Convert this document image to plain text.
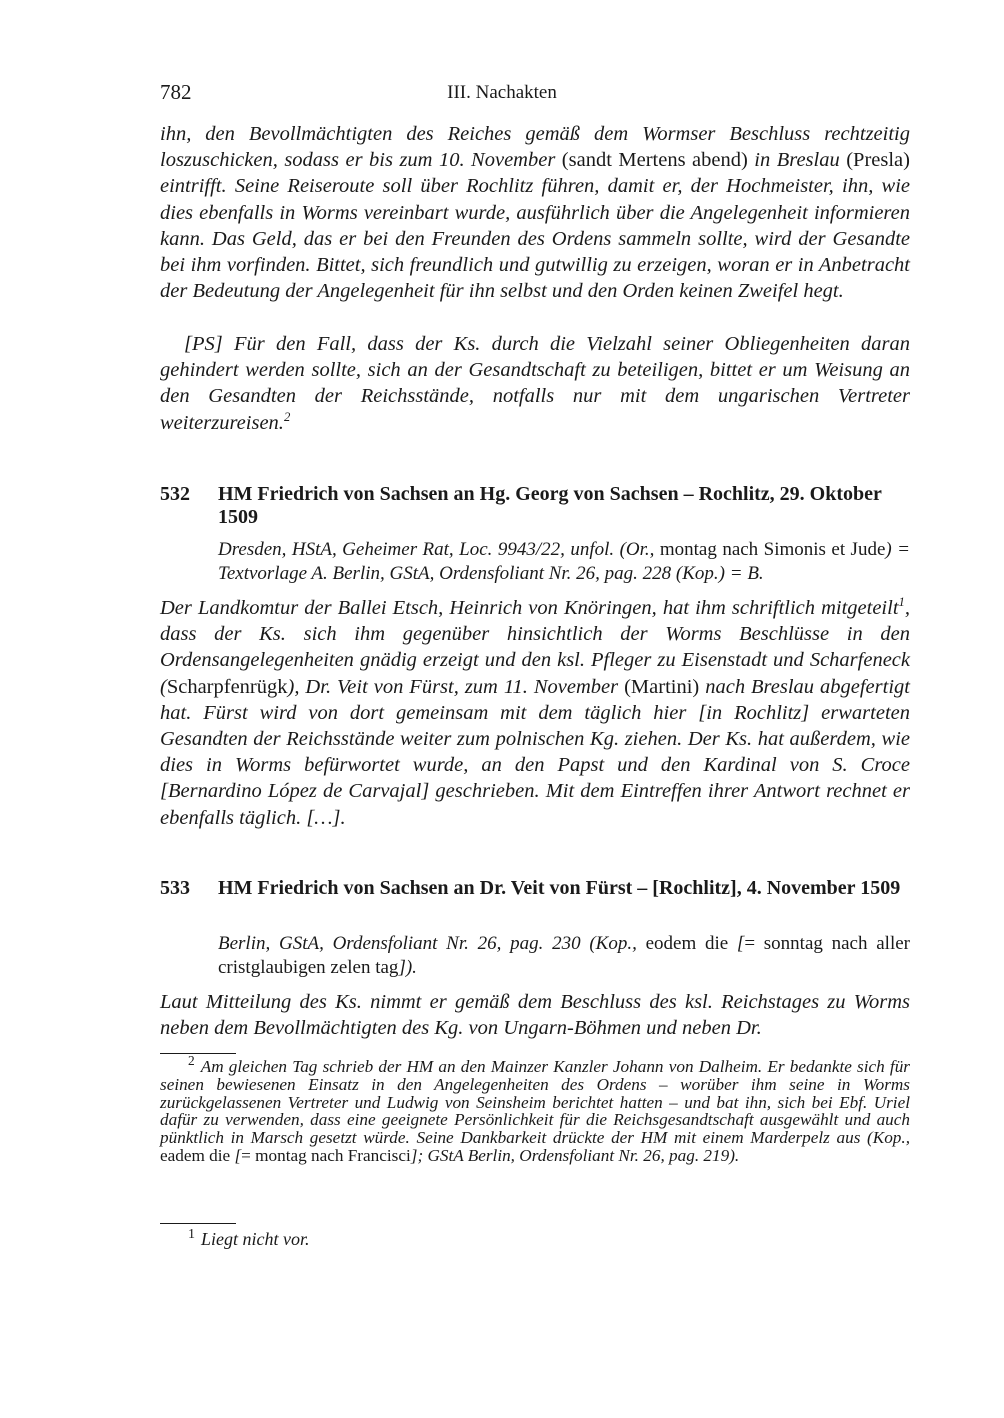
782	III. Nachakten
ihn, den Bevollmächtigten des Reiches gemäß dem Wormser Beschluss rechtzeitig loszuschicken, sodass er bis zum 10. November (sandt Mertens abend) in Breslau (Presla) eintrifft. Seine Reiseroute soll über Rochlitz führen, damit er, der Hochmeister, ihn, wie dies ebenfalls in Worms vereinbart wurde, ausführlich über die Angelegenheit informieren kann. Das Geld, das er bei den Freunden des Ordens sammeln sollte, wird der Gesandte bei ihm vorfinden. Bittet, sich freundlich und gutwillig zu erzeigen, woran er in Anbetracht der Bedeutung der Angelegenheit für ihn selbst und den Orden keinen Zweifel hegt.
[PS] Für den Fall, dass der Ks. durch die Vielzahl seiner Obliegenheiten daran gehindert werden sollte, sich an der Gesandtschaft zu beteiligen, bittet er um Weisung an den Gesandten der Reichsstände, notfalls nur mit dem ungarischen Vertreter weiterzureisen.$^2$
532 HM Friedrich von Sachsen an Hg. Georg von Sachsen – Rochlitz, 29. Oktober 1509
Dresden, HStA, Geheimer Rat, Loc. 9943/22, unfol. (Or., montag nach Simonis et Jude) = Textvorlage A. Berlin, GStA, Ordensfoliant Nr. 26, pag. 228 (Kop.) = B.
Der Landkomtur der Ballei Etsch, Heinrich von Knöringen, hat ihm schriftlich mitgeteilt$^1$, dass der Ks. sich ihm gegenüber hinsichtlich der Worms Beschlüsse in den Ordensangelegenheiten gnädig erzeigt und den ksl. Pfleger zu Eisenstadt und Scharfeneck (Scharpfenrügk), Dr. Veit von Fürst, zum 11. November (Martini) nach Breslau abgefertigt hat. Fürst wird von dort gemeinsam mit dem täglich hier [in Rochlitz] erwarteten Gesandten der Reichsstände weiter zum polnischen Kg. ziehen. Der Ks. hat außerdem, wie dies in Worms befürwortet wurde, an den Papst und den Kardinal von S. Croce [Bernardino López de Carvajal] geschrieben. Mit dem Eintreffen ihrer Antwort rechnet er ebenfalls täglich. […].
533 HM Friedrich von Sachsen an Dr. Veit von Fürst – [Rochlitz], 4. November 1509
Berlin, GStA, Ordensfoliant Nr. 26, pag. 230 (Kop., eodem die [= sonntag nach aller cristglaubigen zelen tag]).
Laut Mitteilung des Ks. nimmt er gemäß dem Beschluss des ksl. Reichstages zu Worms neben dem Bevollmächtigten des Kg. von Ungarn-Böhmen und neben Dr.
$^2$ Am gleichen Tag schrieb der HM an den Mainzer Kanzler Johann von Dalheim. Er bedankte sich für seinen bewiesenen Einsatz in den Angelegenheiten des Ordens – worüber ihm seine in Worms zurückgelassenen Vertreter und Ludwig von Seinsheim berichtet hatten – und bat ihn, sich bei Ebf. Uriel dafür zu verwenden, dass eine geeignete Persönlichkeit für die Reichsgesandtschaft ausgewählt und auch pünktlich in Marsch gesetzt würde. Seine Dankbarkeit drückte der HM mit einem Marderpelz aus (Kop., eadem die [= montag nach Francisci]; GStA Berlin, Ordensfoliant Nr. 26, pag. 219).
$^1$ Liegt nicht vor.
